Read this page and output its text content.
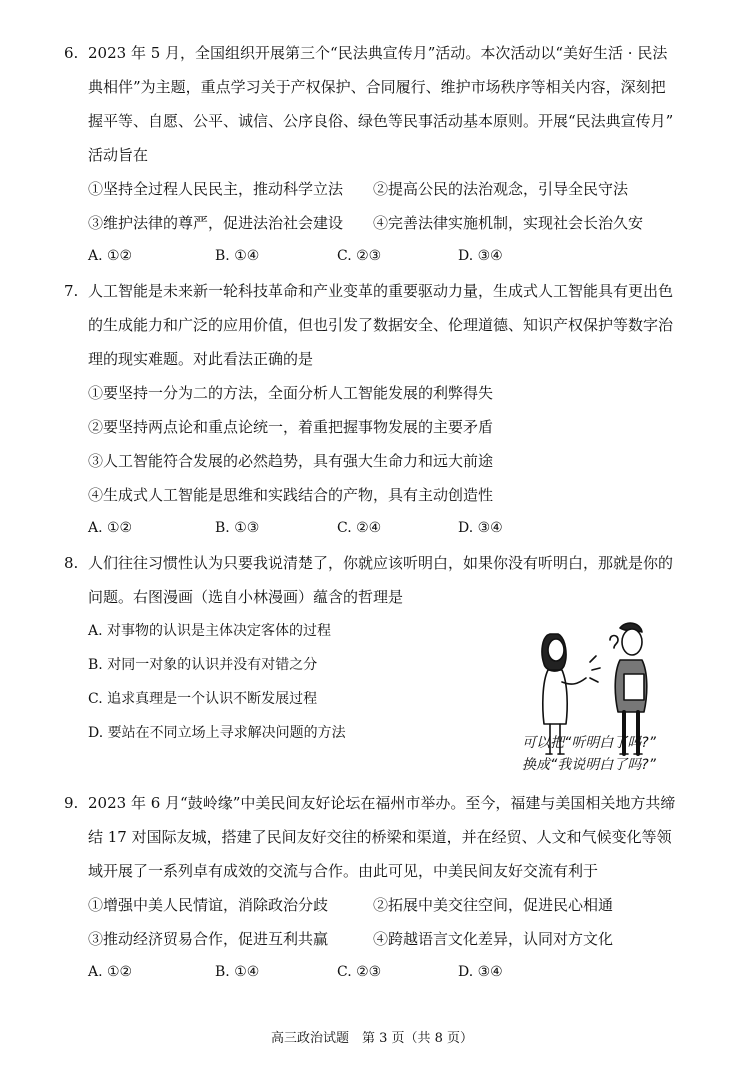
6. 2023 年 5 月，全国组织开展第三个“民法典宣传月”活动。本次活动以“美好生活 · 民法
典相伴”为主题，重点学习关于产权保护、合同履行、维护市场秩序等相关内容，深刻把
握平等、自愿、公平、诚信、公序良俗、绿色等民事活动基本原则。开展“民法典宣传月”
活动旨在
①坚持全过程人民民主，推动科学立法　　②提高公民的法治观念，引导全民守法
③维护法律的尊严，促进法治社会建设　　④完善法律实施机制，实现社会长治久安
A. ①②	B. ①④	C. ②③	D. ③④
7. 人工智能是未来新一轮科技革命和产业变革的重要驱动力量，生成式人工智能具有更出色
的生成能力和广泛的应用价值，但也引发了数据安全、伦理道德、知识产权保护等数字治
理的现实难题。对此看法正确的是
①要坚持一分为二的方法，全面分析人工智能发展的利弊得失
②要坚持两点论和重点论统一，着重把握事物发展的主要矛盾
③人工智能符合发展的必然趋势，具有强大生命力和远大前途
④生成式人工智能是思维和实践结合的产物，具有主动创造性
A. ①②	B. ①③	C. ②④	D. ③④
8. 人们往往习惯性认为只要我说清楚了，你就应该听明白，如果你没有听明白，那就是你的
问题。右图漫画（选自小林漫画）蕴含的哲理是
A. 对事物的认识是主体决定客体的过程
B. 对同一对象的认识并没有对错之分
C. 追求真理是一个认识不断发展过程
D. 要站在不同立场上寻求解决问题的方法
可以把“听明白了吗?”
换成“我说明白了吗?”
9. 2023 年 6 月“鼓岭缘”中美民间友好论坛在福州市举办。至今，福建与美国相关地方共缔
结 17 对国际友城，搭建了民间友好交往的桥梁和渠道，并在经贸、人文和气候变化等领
域开展了一系列卓有成效的交流与合作。由此可见，中美民间友好交流有利于
①增强中美人民情谊，消除政治分歧　　　②拓展中美交往空间，促进民心相通
③推动经济贸易合作，促进互利共赢　　　④跨越语言文化差异，认同对方文化
A. ①②	B. ①④	C. ②③	D. ③④
高三政治试题　第 3 页（共 8 页）
